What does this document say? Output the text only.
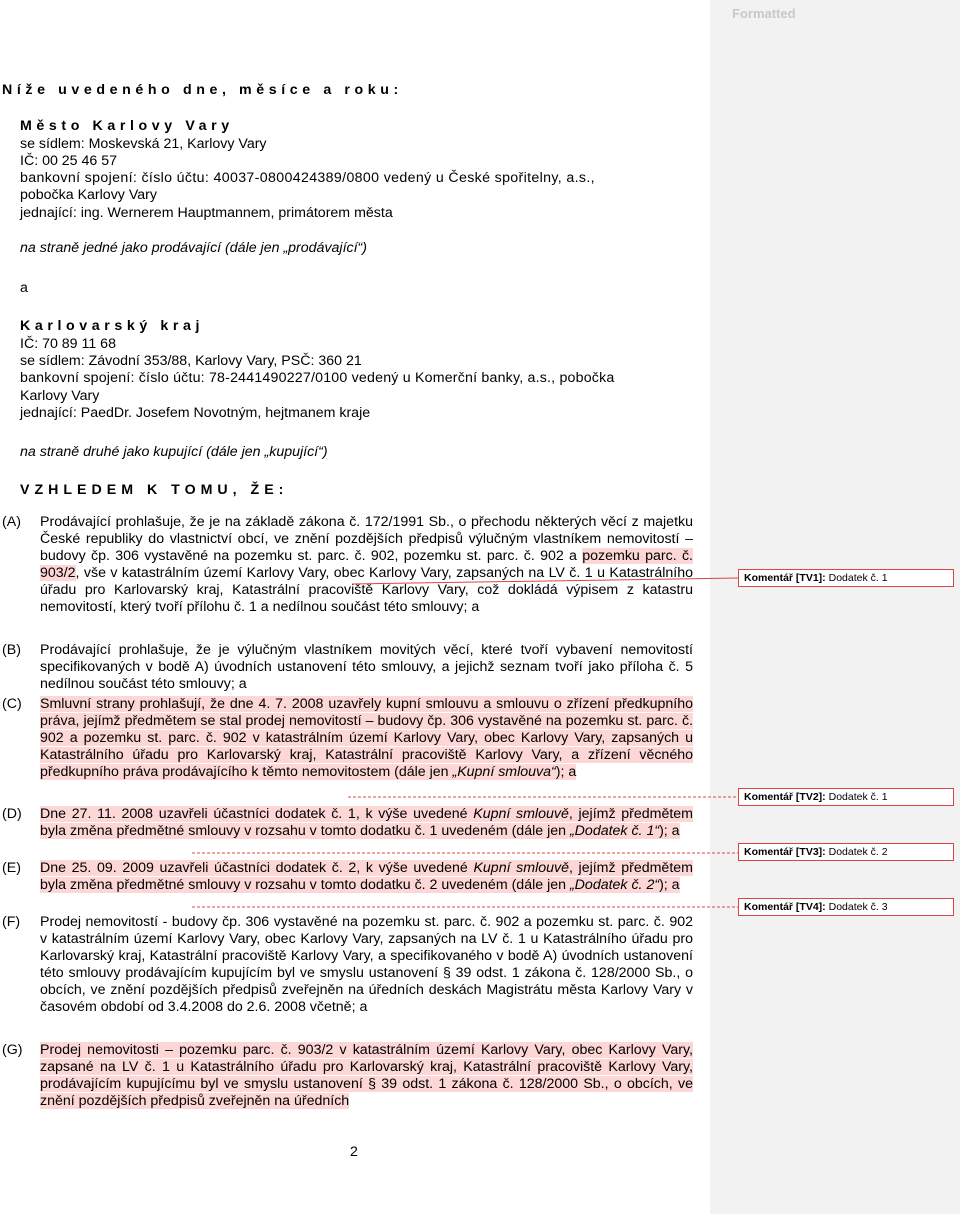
Níže uvedeného dne, měsíce a roku:
Město Karlovy Vary
se sídlem: Moskevská 21, Karlovy Vary
IČ: 00 25 46 57
bankovní spojení: číslo účtu: 40037-0800424389/0800 vedený u České spořitelny, a.s.,
pobočka Karlovy Vary
jednající: ing. Wernerem Hauptmannem, primátorem města
na straně jedné jako prodávající (dále jen „prodávající“)
a
Karlovarský kraj
IČ: 70 89 11 68
se sídlem: Závodní 353/88, Karlovy Vary, PSČ: 360 21
bankovní spojení: číslo účtu: 78-2441490227/0100 vedený u Komerční banky, a.s., pobočka
Karlovy Vary
jednající: PaedDr. Josefem Novotným, hejtmanem kraje
na straně druhé jako kupující (dále jen „kupující“)
VZHLEDEM K TOMU, ŽE:
(A) Prodávající prohlašuje, že je na základě zákona č. 172/1991 Sb., o přechodu některých věcí z majetku České republiky do vlastnictví obcí, ve znění pozdějších předpisů výlučným vlastníkem nemovitostí – budovy čp. 306 vystavěné na pozemku st. parc. č. 902, pozemku st. parc. č. 902 a pozemku parc. č. 903/2, vše v katastrálním území Karlovy Vary, obec Karlovy Vary, zapsaných na LV č. 1 u Katastrálního úřadu pro Karlovarský kraj, Katastrální pracoviště Karlovy Vary, což dokládá výpisem z katastru nemovitostí, který tvoří přílohu č. 1 a nedílnou součást této smlouvy; a
(B) Prodávající prohlašuje, že je výlučným vlastníkem movitých věcí, které tvoří vybavení nemovitostí specifikovaných v bodě A) úvodních ustanovení této smlouvy, a jejichž seznam tvoří jako příloha č. 5 nedílnou součást této smlouvy; a
(C) Smluvní strany prohlašují, že dne 4. 7. 2008 uzavřely kupní smlouvu a smlouvu o zřízení předkupního práva, jejímž předmětem se stal prodej nemovitostí – budovy čp. 306 vystavěné na pozemku st. parc. č. 902 a pozemku st. parc. č. 902 v katastrálním území Karlovy Vary, obec Karlovy Vary, zapsaných u Katastrálního úřadu pro Karlovarský kraj, Katastrální pracoviště Karlovy Vary, a zřízení věcného předkupního práva prodávajícího k těmto nemovitostem (dále jen „Kupní smlouva“); a
(D) Dne 27. 11. 2008 uzavřeli účastníci dodatek č. 1, k výše uvedené Kupní smlouvě, jejímž předmětem byla změna předmětné smlouvy v rozsahu v tomto dodatku č. 1 uvedeném (dále jen „Dodatek č. 1“); a
(E) Dne 25. 09. 2009 uzavřeli účastníci dodatek č. 2, k výše uvedené Kupní smlouvě, jejímž předmětem byla změna předmětné smlouvy v rozsahu v tomto dodatku č. 2 uvedeném (dále jen „Dodatek č. 2“); a
(F) Prodej nemovitostí - budovy čp. 306 vystavěné na pozemku st. parc. č. 902 a pozemku st. parc. č. 902 v katastrálním území Karlovy Vary, obec Karlovy Vary, zapsaných na LV č. 1 u Katastrálního úřadu pro Karlovarský kraj, Katastrální pracoviště Karlovy Vary, a specifikovaného v bodě A) úvodních ustanovení této smlouvy prodávajícím kupujícím byl ve smyslu ustanovení § 39 odst. 1 zákona č. 128/2000 Sb., o obcích, ve znění pozdějších předpisů zveřejněn na úředních deskách Magistrátu města Karlovy Vary v časovém období od 3.4.2008 do 2.6. 2008 včetně; a
(G) Prodej nemovitosti – pozemku parc. č. 903/2 v katastrálním území Karlovy Vary, obec Karlovy Vary, zapsané na LV č. 1 u Katastrálního úřadu pro Karlovarský kraj, Katastrální pracoviště Karlovy Vary, prodávajícím kupujícímu byl ve smyslu ustanovení § 39 odst. 1 zákona č. 128/2000 Sb., o obcích, ve znění pozdějších předpisů zveřejněn na úředních
2
Formatted
Komentář [TV1]: Dodatek č. 1
Komentář [TV2]: Dodatek č. 1
Komentář [TV3]: Dodatek č. 2
Komentář [TV4]: Dodatek č. 3
